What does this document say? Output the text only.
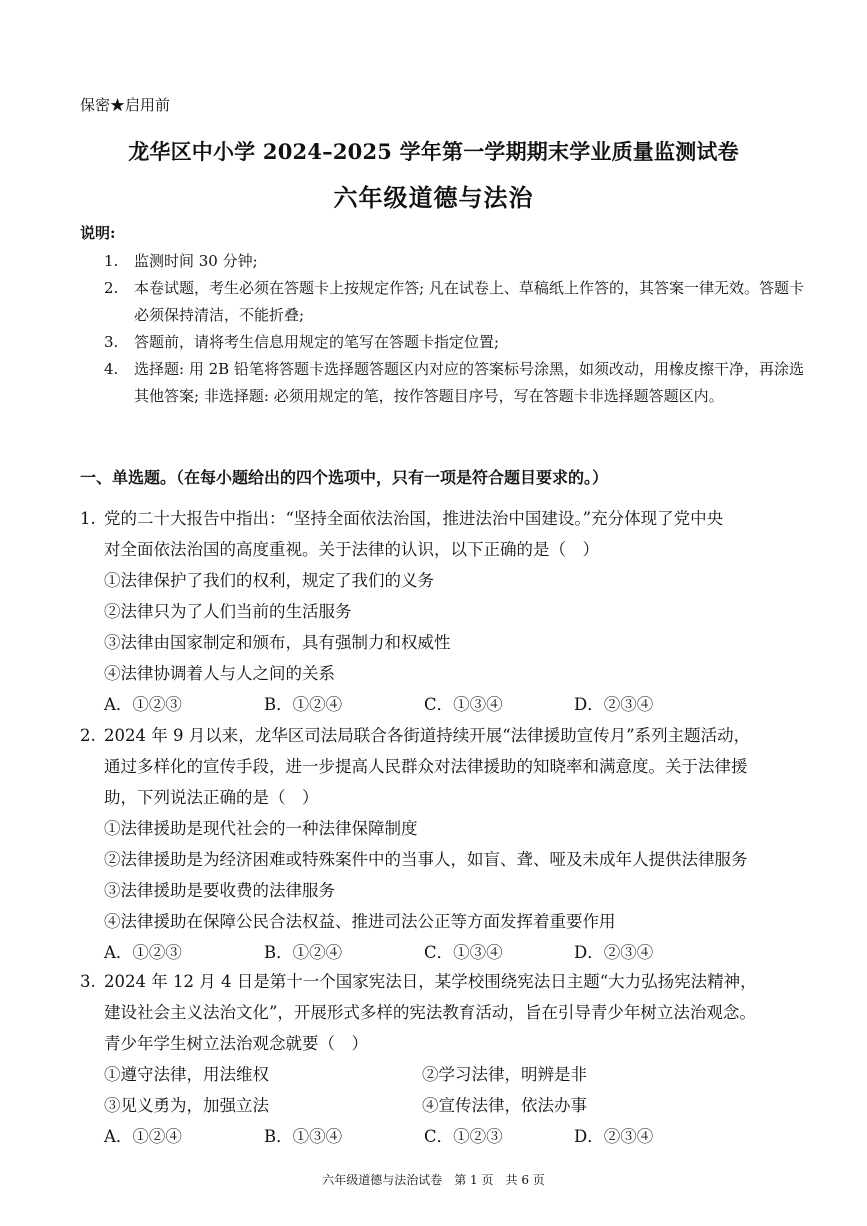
保密★启用前
龙华区中小学 2024–2025 学年第一学期期末学业质量监测试卷
六年级道德与法治
说明:
1.	监测时间 30 分钟;
2.	本卷试题，考生必须在答题卡上按规定作答; 凡在试卷上、草稿纸上作答的，其答案一律无效。答题卡必须保持清洁，不能折叠;
3.	答题前，请将考生信息用规定的笔写在答题卡指定位置;
4.	选择题: 用 2B 铅笔将答题卡选择题答题区内对应的答案标号涂黑，如须改动，用橡皮擦干净，再涂选其他答案; 非选择题: 必须用规定的笔，按作答题目序号，写在答题卡非选择题答题区内。
一、单选题。（在每小题给出的四个选项中，只有一项是符合题目要求的。）
1. 党的二十大报告中指出：“坚持全面依法治国，推进法治中国建设。”充分体现了党中央
对全面依法治国的高度重视。关于法律的认识，以下正确的是（　）
①法律保护了我们的权利，规定了我们的义务
②法律只为了人们当前的生活服务
③法律由国家制定和颁布，具有强制力和权威性
④法律协调着人与人之间的关系
A．①②③	B．①②④	C．①③④	D．②③④
2. 2024 年 9 月以来，龙华区司法局联合各街道持续开展“法律援助宣传月”系列主题活动，
通过多样化的宣传手段，进一步提高人民群众对法律援助的知晓率和满意度。关于法律援
助，下列说法正确的是（　）
①法律援助是现代社会的一种法律保障制度
②法律援助是为经济困难或特殊案件中的当事人，如盲、聋、哑及未成年人提供法律服务
③法律援助是要收费的法律服务
④法律援助在保障公民合法权益、推进司法公正等方面发挥着重要作用
A．①②③	B．①②④	C．①③④	D．②③④
3. 2024 年 12 月 4 日是第十一个国家宪法日，某学校围绕宪法日主题“大力弘扬宪法精神，
建设社会主义法治文化”，开展形式多样的宪法教育活动，旨在引导青少年树立法治观念。
青少年学生树立法治观念就要（　）
①遵守法律，用法维权	②学习法律，明辨是非
③见义勇为，加强立法	④宣传法律，依法办事
A．①②④	B．①③④	C．①②③	D．②③④
六年级道德与法治试卷　第 1 页　共 6 页
